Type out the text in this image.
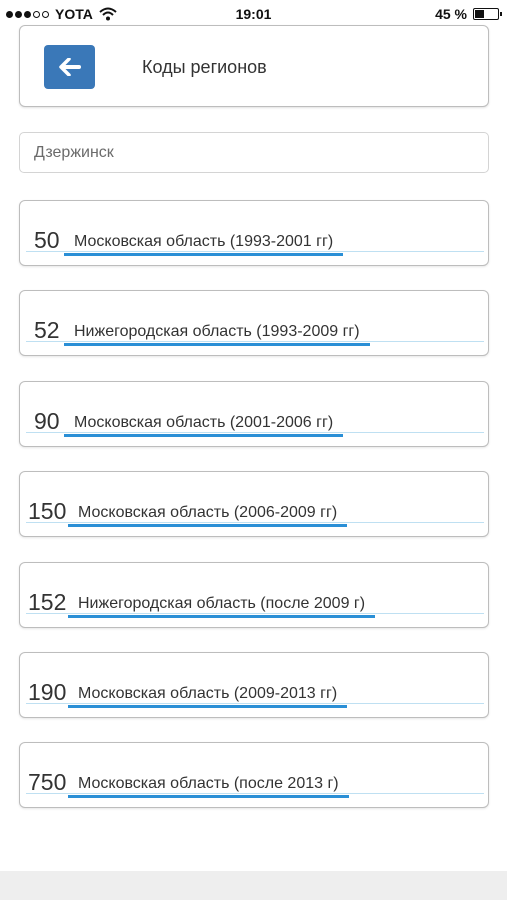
YOTA	19:01	45 %
Коды регионов
Дзержинск
50 Московская область (1993-2001 гг)
52 Нижегородская область (1993-2009 гг)
90 Московская область (2001-2006 гг)
150 Московская область (2006-2009 гг)
152 Нижегородская область (после 2009 г)
190 Московская область (2009-2013 гг)
750 Московская область (после 2013 г)
